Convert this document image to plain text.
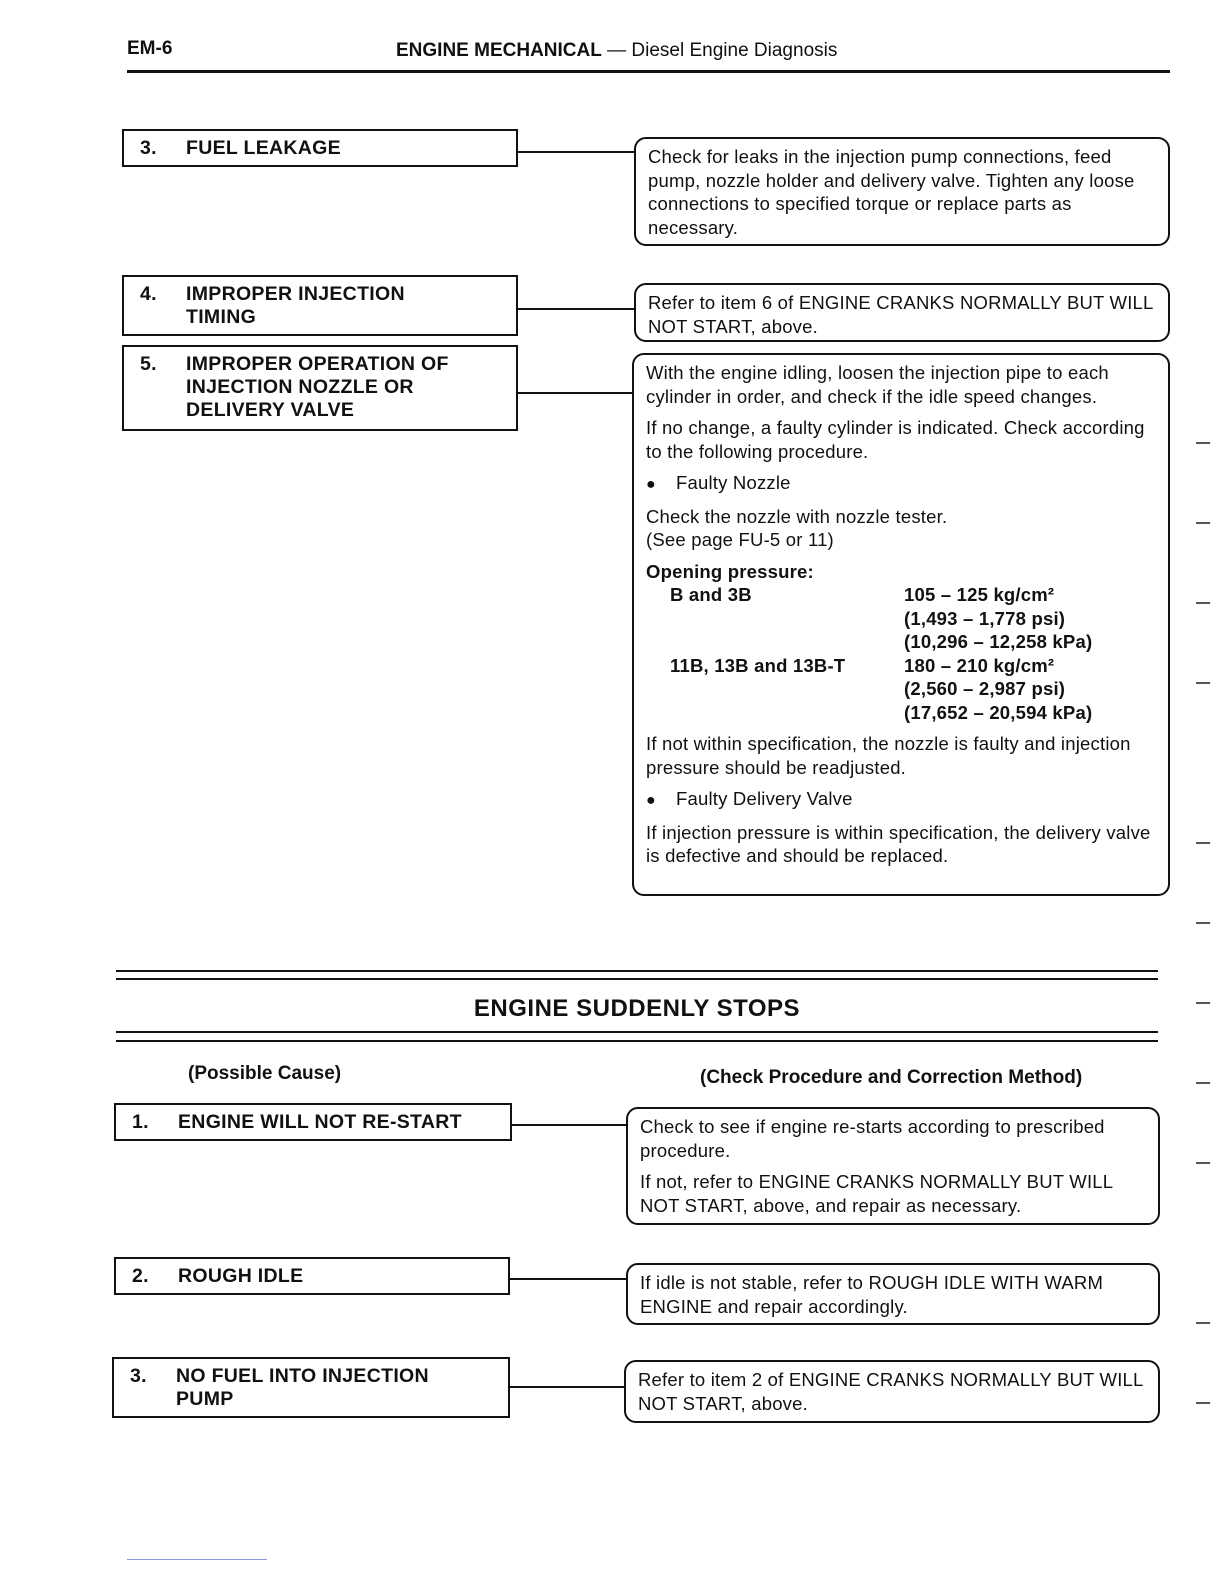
EM-6	ENGINE MECHANICAL — Diesel Engine Diagnosis
3. FUEL LEAKAGE	Check for leaks in the injection pump connections, feed pump, nozzle holder and delivery valve. Tighten any loose connections to specified torque or replace parts as necessary.

4. IMPROPER INJECTION
TIMING

Refer to item 6 of ENGINE CRANKS NORMALLY BUT WILL NOT START, above.

5. IMPROPER OPERATION OF
INJECTION NOZZLE OR
DELIVERY VALVE

With the engine idling, loosen the injection pipe to each cylinder in order, and check if the idle speed changes.

If no change, a faulty cylinder is indicated. Check according to the following procedure.

● Faulty Nozzle

Check the nozzle with nozzle tester.

(See page FU-5 or 11)

Opening pressure:

B and 3B	105 – 125 kg/cm²
(1,493 – 1,778 psi)
(10,296 – 12,258 kPa)
11B, 13B and 13B-T	180 – 210 kg/cm²
(2,560 – 2,987 psi)
(17,652 – 20,594 kPa)

If not within specification, the nozzle is faulty and injection pressure should be readjusted.

● Faulty Delivery Valve

If injection pressure is within specification, the delivery valve is defective and should be replaced.

ENGINE SUDDENLY STOPS
(Possible Cause)	(Check Procedure and Correction Method)
1. ENGINE WILL NOT RE-START	Check to see if engine re-starts according to prescribed procedure.

If not, refer to ENGINE CRANKS NORMALLY BUT WILL NOT START, above, and repair as necessary.

2. ROUGH IDLE	If idle is not stable, refer to ROUGH IDLE WITH WARM ENGINE and repair accordingly.

3. NO FUEL INTO INJECTION
PUMP

Refer to item 2 of ENGINE CRANKS NORMALLY BUT WILL NOT START, above.
